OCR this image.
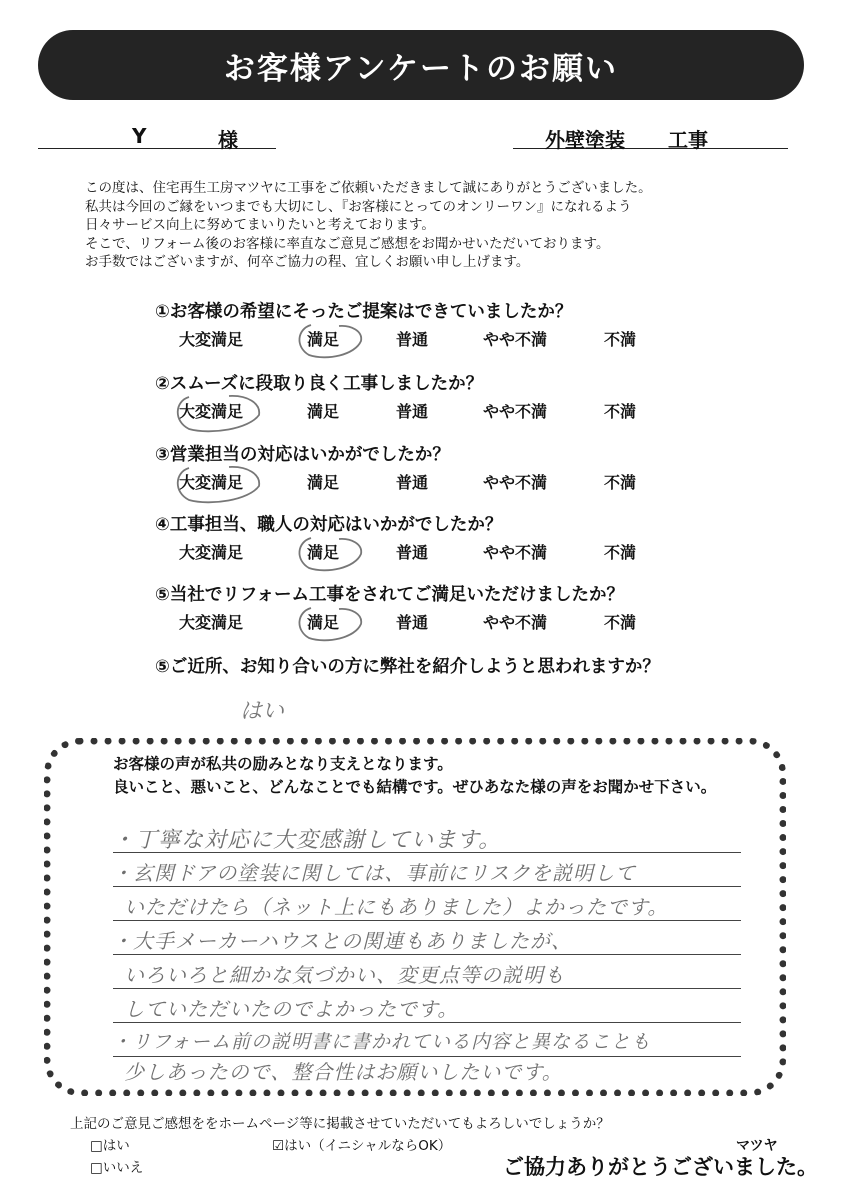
お客様アンケートのお願い
Y	様	外壁塗装 工事
この度は、住宅再生工房マツヤに工事をご依頼いただきまして誠にありがとうございました。
私共は今回のご縁をいつまでも大切にし、『お客様にとってのオンリーワン』になれるよう
日々サービス向上に努めてまいりたいと考えております。
そこで、リフォーム後のお客様に率直なご意見ご感想をお聞かせいただいております。
お手数ではございますが、何卒ご協力の程、宜しくお願い申し上げます。
①お客様の希望にそったご提案はできていましたか？
大変満足	満足	普通	やや不満	不満
②スムーズに段取り良く工事しましたか？
大変満足	満足	普通	やや不満	不満
③営業担当の対応はいかがでしたか？
大変満足	満足	普通	やや不満	不満
④工事担当、職人の対応はいかがでしたか？
大変満足	満足	普通	やや不満	不満
⑤当社でリフォーム工事をされてご満足いただけましたか？
大変満足	満足	普通	やや不満	不満
⑤ご近所、お知り合いの方に弊社を紹介しようと思われますか？
はい
お客様の声が私共の励みとなり支えとなります。
良いこと、悪いこと、どんなことでも結構です。ぜひあなた様の声をお聞かせ下さい。
・丁寧な対応に大変感謝しています。
・玄関ドアの塗装に関しては、事前にリスクを説明して
いただけたら（ネット上にもありました）よかったです。
・大手メーカーハウスとの関連もありましたが、
いろいろと細かな気づかい、変更点等の説明も
していただいたのでよかったです。
・リフォーム前の説明書に書かれている内容と異なることも
少しあったので、整合性はお願いしたいです。
上記のご意見ご感想ををホームページ等に掲載させていただいてもよろしいでしょうか？
□はい
□いいえ
☑はい（イニシャルならOK）	マツヤ
ご協力ありがとうございました。
